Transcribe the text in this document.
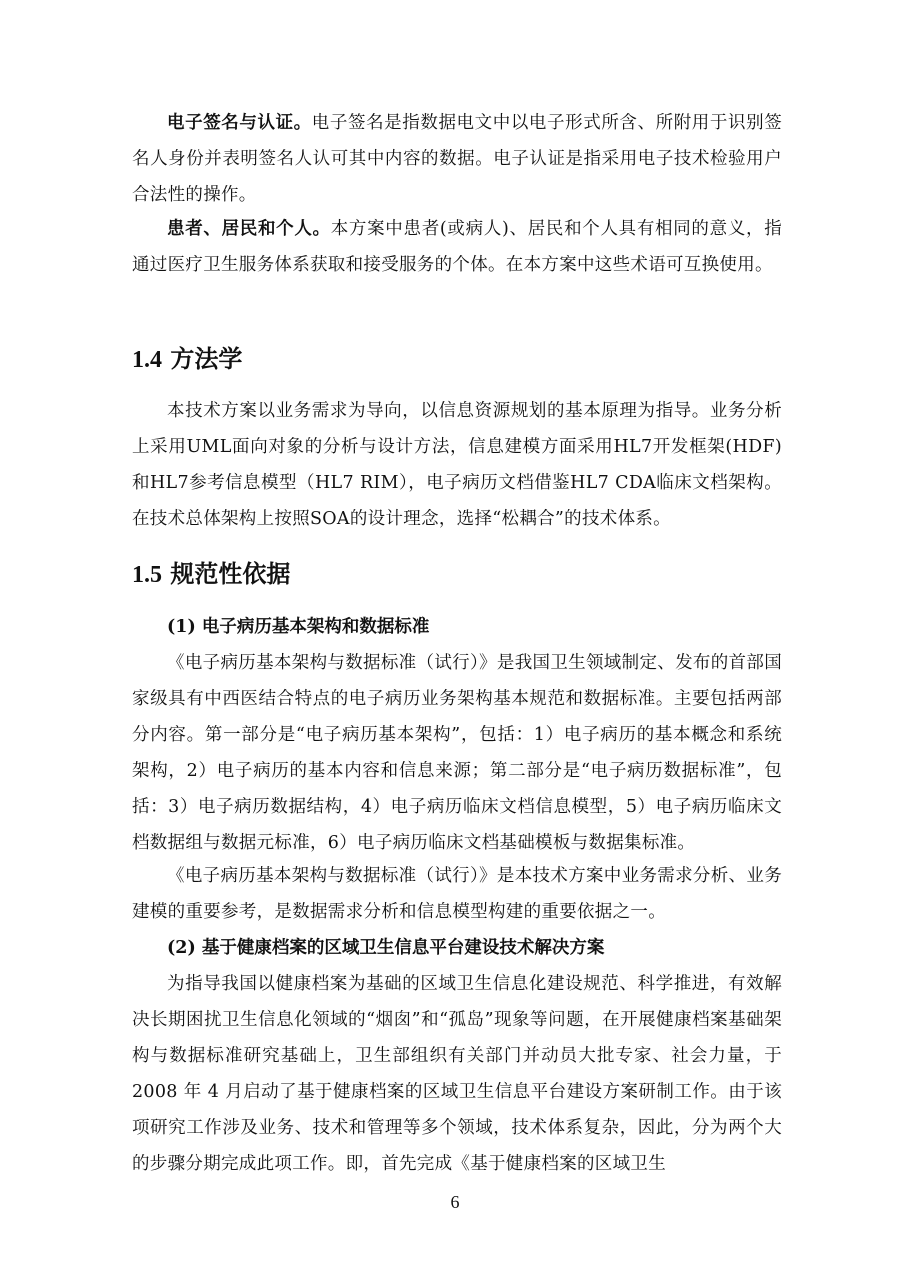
电子签名与认证。电子签名是指数据电文中以电子形式所含、所附用于识别签名人身份并表明签名人认可其中内容的数据。电子认证是指采用电子技术检验用户合法性的操作。

患者、居民和个人。本方案中患者(或病人)、居民和个人具有相同的意义，指通过医疗卫生服务体系获取和接受服务的个体。在本方案中这些术语可互换使用。

1.4 方法学

本技术方案以业务需求为导向，以信息资源规划的基本原理为指导。业务分析上采用UML面向对象的分析与设计方法，信息建模方面采用HL7开发框架(HDF)和HL7参考信息模型（HL7 RIM），电子病历文档借鉴HL7 CDA临床文档架构。在技术总体架构上按照SOA的设计理念，选择“松耦合”的技术体系。

1.5 规范性依据

(1) 电子病历基本架构和数据标准

《电子病历基本架构与数据标准（试行）》是我国卫生领域制定、发布的首部国家级具有中西医结合特点的电子病历业务架构基本规范和数据标准。主要包括两部分内容。第一部分是“电子病历基本架构”，包括：1）电子病历的基本概念和系统架构，2）电子病历的基本内容和信息来源；第二部分是“电子病历数据标准”，包括：3）电子病历数据结构，4）电子病历临床文档信息模型，5）电子病历临床文档数据组与数据元标准，6）电子病历临床文档基础模板与数据集标准。

《电子病历基本架构与数据标准（试行）》是本技术方案中业务需求分析、业务建模的重要参考，是数据需求分析和信息模型构建的重要依据之一。

(2) 基于健康档案的区域卫生信息平台建设技术解决方案

为指导我国以健康档案为基础的区域卫生信息化建设规范、科学推进，有效解决长期困扰卫生信息化领域的“烟囱”和“孤岛”现象等问题，在开展健康档案基础架构与数据标准研究基础上，卫生部组织有关部门并动员大批专家、社会力量，于 2008 年 4 月启动了基于健康档案的区域卫生信息平台建设方案研制工作。由于该项研究工作涉及业务、技术和管理等多个领域，技术体系复杂，因此，分为两个大的步骤分期完成此项工作。即，首先完成《基于健康档案的区域卫生

6
